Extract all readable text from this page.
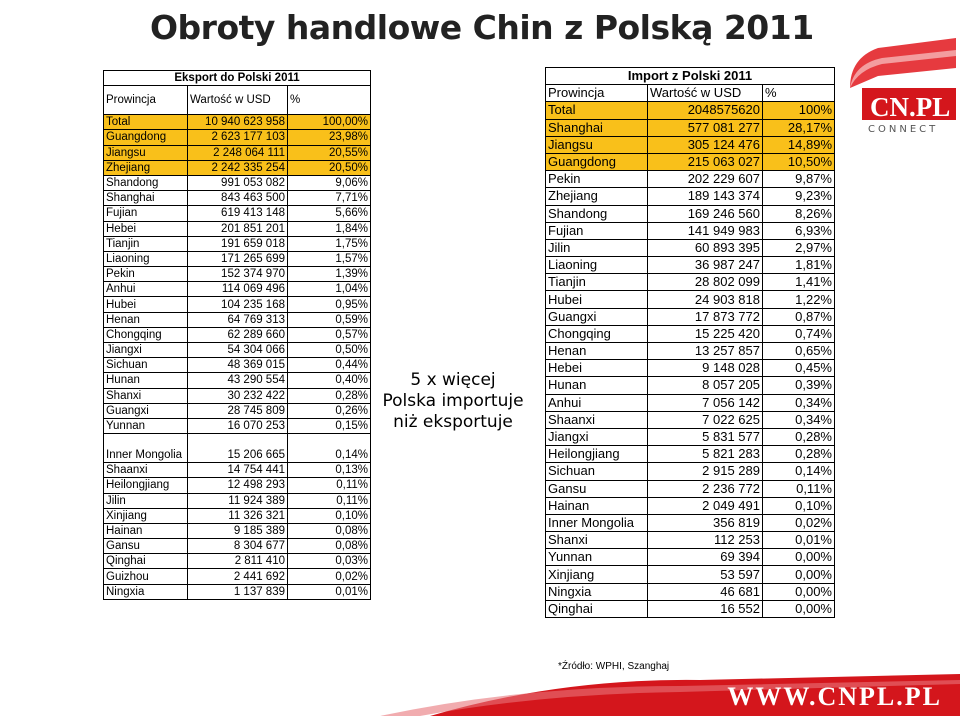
Obroty handlowe Chin z Polską 2011
CN.PL
CONNECT
Eksport do Polski 2011		
Prowincja	Wartość w USD	%
Total	10 940 623 958	100,00%
Guangdong	2 623 177 103	23,98%
Jiangsu	2 248 064 111	20,55%
Zhejiang	2 242 335 254	20,50%
Shandong	991 053 082	9,06%
Shanghai	843 463 500	7,71%
Fujian	619 413 148	5,66%
Hebei	201 851 201	1,84%
Tianjin	191 659 018	1,75%
Liaoning	171 265 699	1,57%
Pekin	152 374 970	1,39%
Anhui	114 069 496	1,04%
Hubei	104 235 168	0,95%
Henan	64 769 313	0,59%
Chongqing	62 289 660	0,57%
Jiangxi	54 304 066	0,50%
Sichuan	48 369 015	0,44%
Hunan	43 290 554	0,40%
Shanxi	30 232 422	0,28%
Guangxi	28 745 809	0,26%
Yunnan	16 070 253	0,15%
Inner Mongolia	15 206 665	0,14%
Shaanxi	14 754 441	0,13%
Heilongjiang	12 498 293	0,11%
Jilin	11 924 389	0,11%
Xinjiang	11 326 321	0,10%
Hainan	9 185 389	0,08%
Gansu	8 304 677	0,08%
Qinghai	2 811 410	0,03%
Guizhou	2 441 692	0,02%
Ningxia	1 137 839	0,01%
Import z Polski 2011		
Prowincja	Wartość w USD	%
Total	2048575620	100%
Shanghai	577 081 277	28,17%
Jiangsu	305 124 476	14,89%
Guangdong	215 063 027	10,50%
Pekin	202 229 607	9,87%
Zhejiang	189 143 374	9,23%
Shandong	169 246 560	8,26%
Fujian	141 949 983	6,93%
Jilin	60 893 395	2,97%
Liaoning	36 987 247	1,81%
Tianjin	28 802 099	1,41%
Hubei	24 903 818	1,22%
Guangxi	17 873 772	0,87%
Chongqing	15 225 420	0,74%
Henan	13 257 857	0,65%
Hebei	9 148 028	0,45%
Hunan	8 057 205	0,39%
Anhui	7 056 142	0,34%
Shaanxi	7 022 625	0,34%
Jiangxi	5 831 577	0,28%
Heilongjiang	5 821 283	0,28%
Sichuan	2 915 289	0,14%
Gansu	2 236 772	0,11%
Hainan	2 049 491	0,10%
Inner Mongolia	356 819	0,02%
Shanxi	112 253	0,01%
Yunnan	69 394	0,00%
Xinjiang	53 597	0,00%
Ningxia	46 681	0,00%
Qinghai	16 552	0,00%
5 x więcej
Polska importuje
niż eksportuje
*Źródło: WPHI, Szanghaj
WWW.CNPL.PL
